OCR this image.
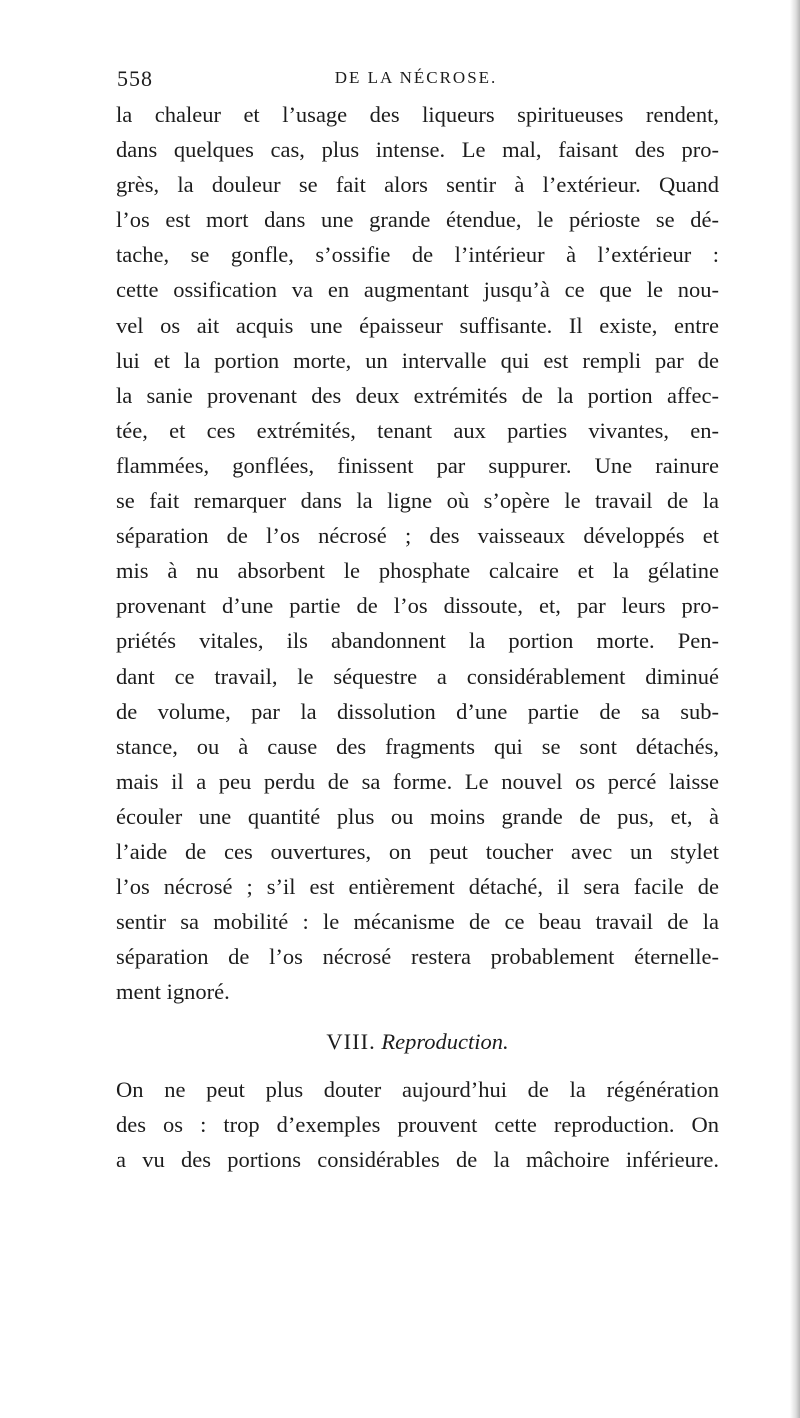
558	DE LA NÉCROSE.
la chaleur et l’usage des liqueurs spiritueuses rendent,
dans quelques cas, plus intense. Le mal, faisant des pro-
grès, la douleur se fait alors sentir à l’extérieur. Quand
l’os est mort dans une grande étendue, le périoste se dé-
tache, se gonfle, s’ossifie de l’intérieur à l’extérieur :
cette ossification va en augmentant jusqu’à ce que le nou-
vel os ait acquis une épaisseur suffisante. Il existe, entre
lui et la portion morte, un intervalle qui est rempli par de
la sanie provenant des deux extrémités de la portion affec-
tée, et ces extrémités, tenant aux parties vivantes, en-
flammées, gonflées, finissent par suppurer. Une rainure
se fait remarquer dans la ligne où s’opère le travail de la
séparation de l’os nécrosé ; des vaisseaux développés et
mis à nu absorbent le phosphate calcaire et la gélatine
provenant d’une partie de l’os dissoute, et, par leurs pro-
priétés vitales, ils abandonnent la portion morte. Pen-
dant ce travail, le séquestre a considérablement diminué
de volume, par la dissolution d’une partie de sa sub-
stance, ou à cause des fragments qui se sont détachés,
mais il a peu perdu de sa forme. Le nouvel os percé laisse
écouler une quantité plus ou moins grande de pus, et, à
l’aide de ces ouvertures, on peut toucher avec un stylet
l’os nécrosé ; s’il est entièrement détaché, il sera facile de
sentir sa mobilité : le mécanisme de ce beau travail de la
séparation de l’os nécrosé restera probablement éternelle-
ment ignoré.
VIII. Reproduction.
On ne peut plus douter aujourd’hui de la régénération
des os : trop d’exemples prouvent cette reproduction. On
a vu des portions considérables de la mâchoire inférieure.
